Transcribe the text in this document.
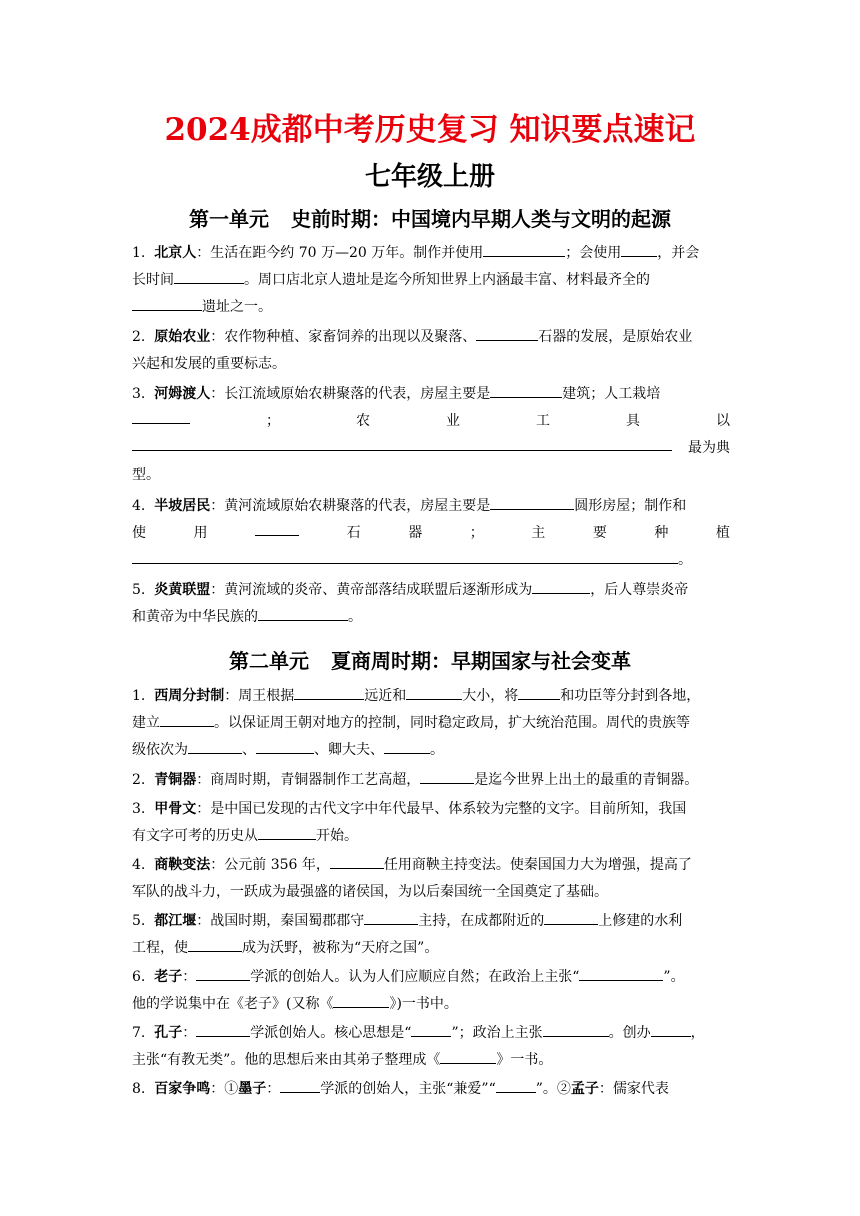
2024成都中考历史复习 知识要点速记
七年级上册
第一单元 史前时期：中国境内早期人类与文明的起源
1. 北京人：生活在距今约 70 万—20 万年。制作并使用	；会使用	，并会
长时间	。周口店北京人遗址是迄今所知世界上内涵最丰富、材料最齐全的
遗址之一。
2. 原始农业：农作物种植、家畜饲养的出现以及聚落、	石器的发展，是原始农业
兴起和发展的重要标志。
3. 河姆渡人：长江流域原始农耕聚落的代表，房屋主要是	建筑；人工栽培
；	农	业	工	具	以
最为典
型。
4. 半坡居民：黄河流域原始农耕聚落的代表，房屋主要是	圆形房屋；制作和
使	用	石	器	；	主	要	种	植
。
5. 炎黄联盟：黄河流域的炎帝、黄帝部落结成联盟后逐渐形成为	，后人尊崇炎帝
和黄帝为中华民族的	。
第二单元 夏商周时期：早期国家与社会变革
1. 西周分封制：周王根据	远近和	大小，将	和功臣等分封到各地，
建立	。以保证周王朝对地方的控制，同时稳定政局，扩大统治范围。周代的贵族等
级依次为	、	、卿大夫、	。
2. 青铜器：商周时期，青铜器制作工艺高超，	是迄今世界上出土的最重的青铜器。
3. 甲骨文：是中国已发现的古代文字中年代最早、体系较为完整的文字。目前所知，我国
有文字可考的历史从	开始。
4. 商鞅变法：公元前 356 年，	任用商鞅主持变法。使秦国国力大为增强，提高了
军队的战斗力，一跃成为最强盛的诸侯国，为以后秦国统一全国奠定了基础。
5. 都江堰：战国时期，秦国蜀郡郡守	主持，在成都附近的	上修建的水利
工程，使	成为沃野，被称为“天府之国”。
6. 老子：	学派的创始人。认为人们应顺应自然；在政治上主张“	”。
他的学说集中在《老子》(又称《	》)一书中。
7. 孔子：	学派创始人。核心思想是“	”；政治上主张	。创办	，
主张“有教无类”。他的思想后来由其弟子整理成《	》一书。
8. 百家争鸣：①墨子：	学派的创始人，主张“兼爱”“	”。②孟子：儒家代表
